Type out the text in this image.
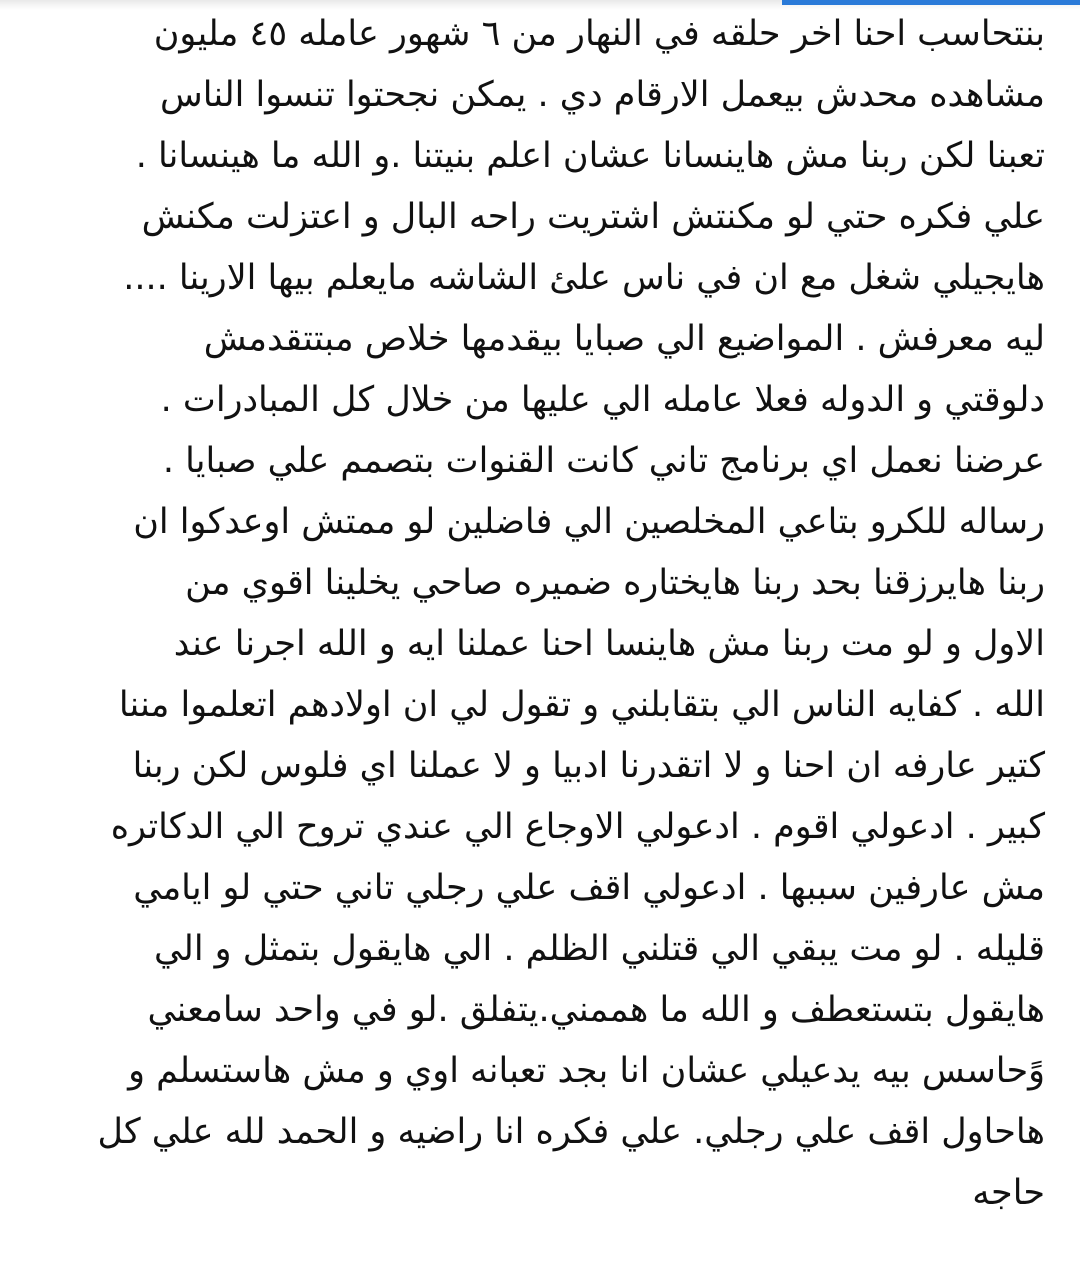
بنتحاسب احنا اخر حلقه في النهار من ٦ شهور عامله ٤٥ مليون
مشاهده محدش بيعمل الارقام دي . يمكن نجحتوا تنسوا الناس
تعبنا لكن ربنا مش هاينسانا عشان اعلم بنيتنا .و الله ما هينسانا .
علي فكره حتي لو مكنتش اشتريت راحه البال و اعتزلت مكنش
هايجيلي شغل مع ان في ناس علئ الشاشه مايعلم بيها الارينا ....
ليه معرفش . المواضيع الي صبايا بيقدمها خلاص مبتتقدمش
دلوقتي و الدوله فعلا عامله الي عليها من خلال كل المبادرات .
عرضنا نعمل اي برنامج تاني كانت القنوات بتصمم علي صبايا .
رساله للكرو بتاعي المخلصين الي فاضلين لو ممتش اوعدكوا ان
ربنا هايرزقنا بحد ربنا هايختاره ضميره صاحي يخلينا اقوي من
الاول و لو مت ربنا مش هاينسا احنا عملنا ايه و الله اجرنا عند
الله . كفايه الناس الي بتقابلني و تقول لي ان اولادهم اتعلموا مننا
كتير عارفه ان احنا و لا اتقدرنا ادبيا و لا عملنا اي فلوس لكن ربنا
كبير . ادعولي اقوم . ادعولي الاوجاع الي عندي تروح الي الدكاتره
مش عارفين سببها . ادعولي اقف علي رجلي تاني حتي لو ايامي
قليله . لو مت يبقي الي قتلني الظلم . الي هايقول بتمثل و الي
هايقول بتستعطف و الله ما هممني.يتفلق .لو في واحد سامعني
وًحاسس بيه يدعيلي عشان انا بجد تعبانه اوي و مش هاستسلم و
هاحاول اقف علي رجلي. علي فكره انا راضيه و الحمد لله علي كل
حاجه
